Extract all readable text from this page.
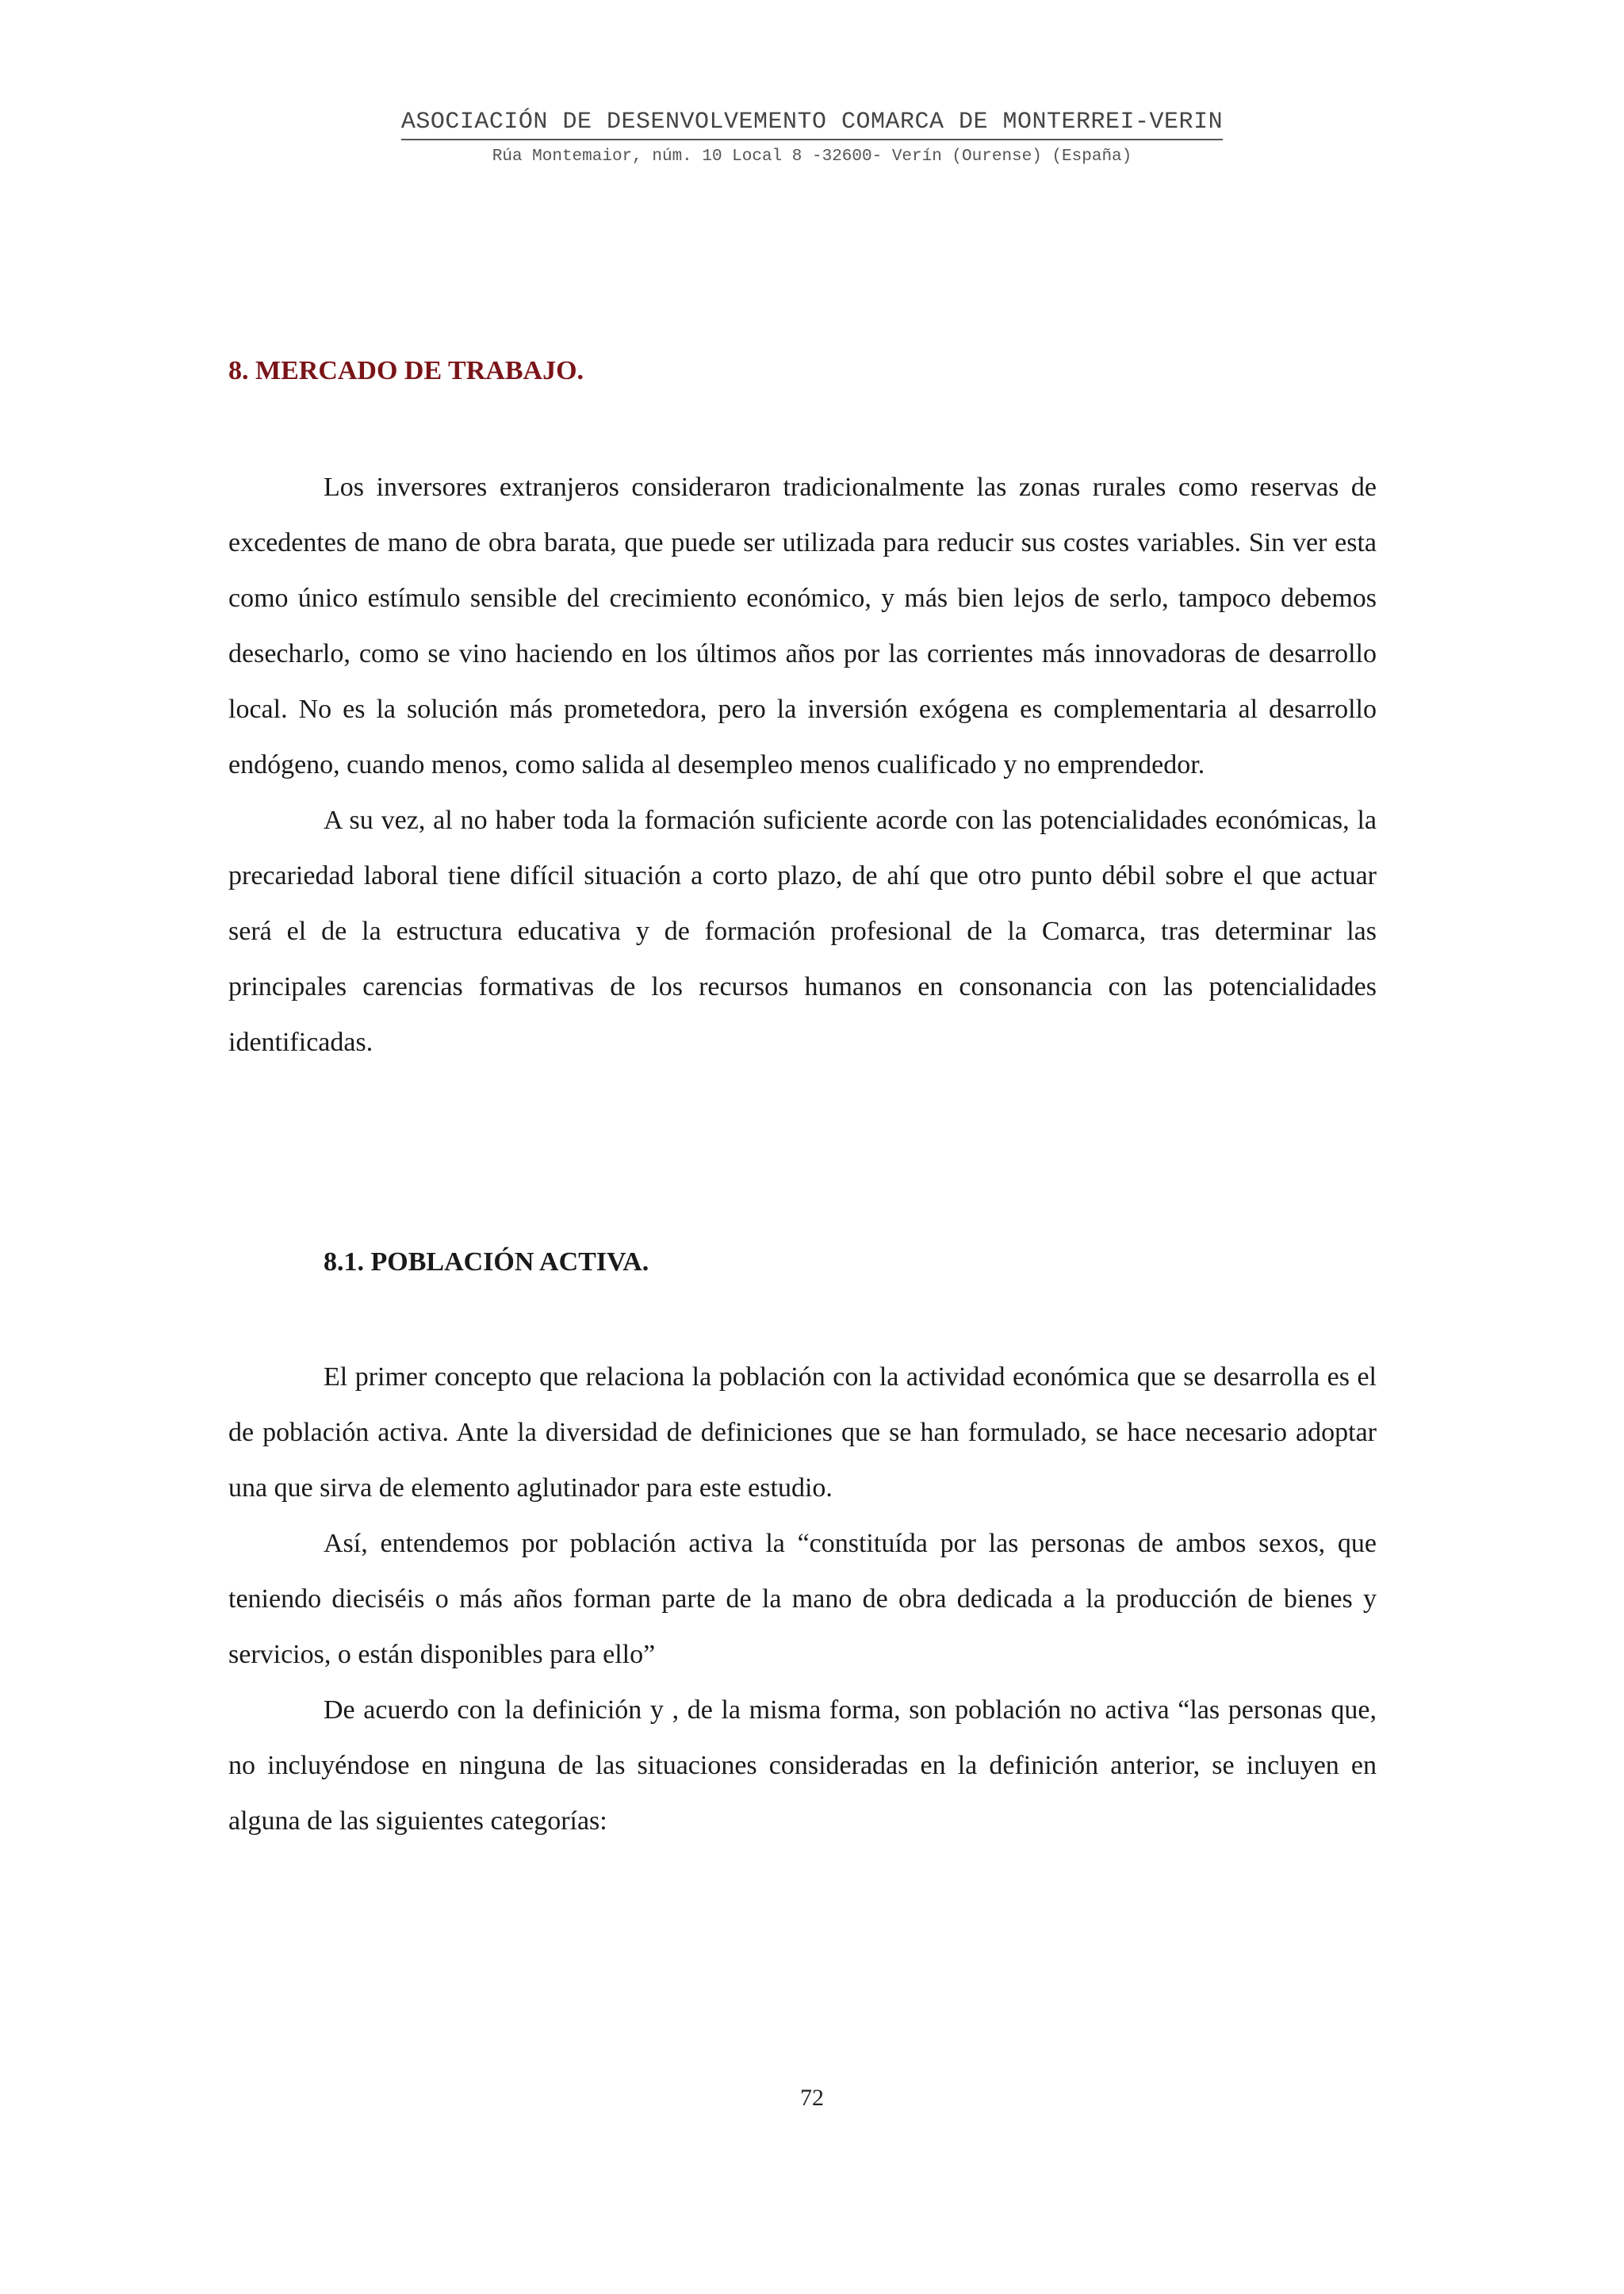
ASOCIACIÓN DE DESENVOLVEMENTO COMARCA DE MONTERREI-VERIN
Rúa Montemaior, núm. 10 Local 8 -32600- Verín (Ourense) (España)
8. MERCADO DE TRABAJO.

Los inversores extranjeros consideraron tradicionalmente las zonas rurales como reservas de excedentes de mano de obra barata, que puede ser utilizada para reducir sus costes variables. Sin ver esta como único estímulo sensible del crecimiento económico, y más bien lejos de serlo, tampoco debemos desecharlo, como se vino haciendo en los últimos años por las corrientes más innovadoras de desarrollo local. No es la solución más prometedora, pero la inversión exógena es complementaria al desarrollo endógeno, cuando menos, como salida al desempleo menos cualificado y no emprendedor.

A su vez, al no haber toda la formación suficiente acorde con las potencialidades económicas, la precariedad laboral tiene difícil situación a corto plazo, de ahí que otro punto débil sobre el que actuar será el de la estructura educativa y de formación profesional de la Comarca, tras determinar las principales carencias formativas de los recursos humanos en consonancia con las potencialidades identificadas.

8.1. POBLACIÓN ACTIVA.

El primer concepto que relaciona la población con la actividad económica que se desarrolla es el de población activa. Ante la diversidad de definiciones que se han formulado, se hace necesario adoptar una que sirva de elemento aglutinador para este estudio.

Así, entendemos por población activa la “constituída por las personas de ambos sexos, que teniendo dieciséis o más años forman parte de la mano de obra dedicada a la producción de bienes y servicios, o están disponibles para ello”

De acuerdo con la definición y , de la misma forma, son población no activa “las personas que, no incluyéndose en ninguna de las situaciones consideradas en la definición anterior, se incluyen en alguna de las siguientes categorías:

72
